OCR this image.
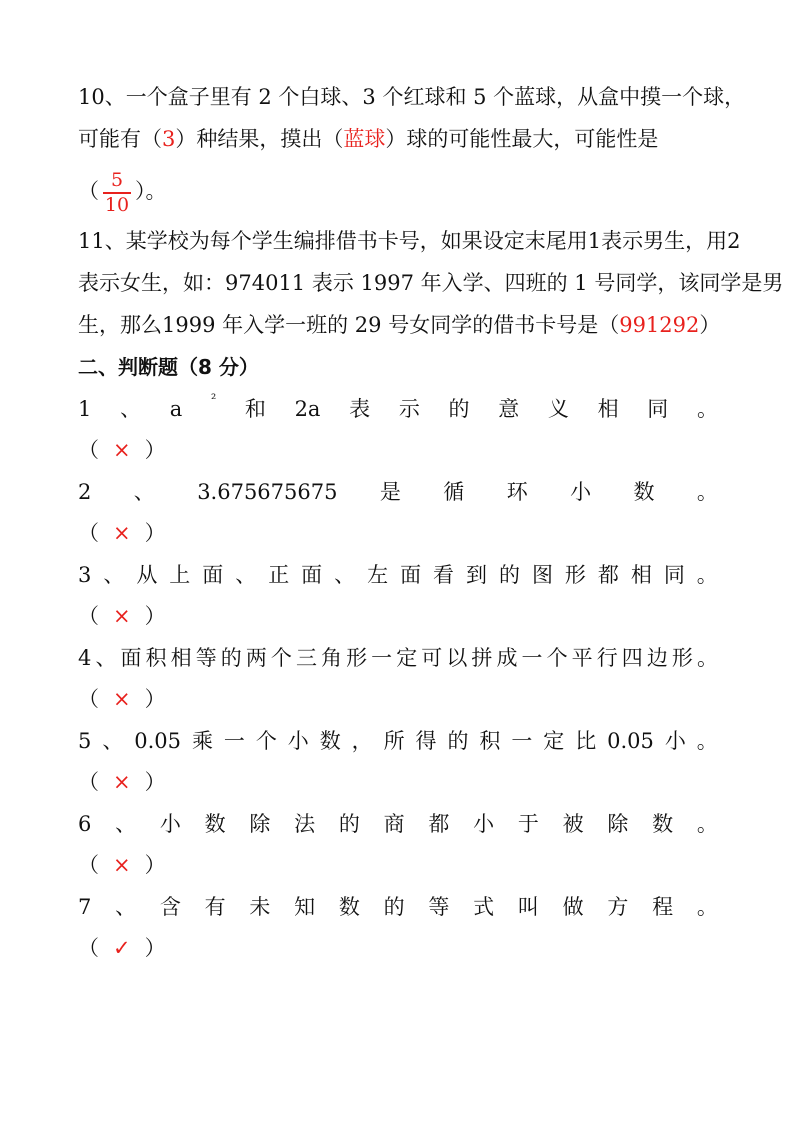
10、一个盒子里有 2 个白球、3 个红球和 5 个蓝球，从盒中摸一个球，
可能有（3）种结果，摸出（蓝球）球的可能性最大，可能性是
（ $\frac{5}{10}$ ）。
11、某学校为每个学生编排借书卡号，如果设定末尾用1表示男生，用2
表示女生，如：974011 表示 1997 年入学、四班的 1 号同学，该同学是男
生，那么1999 年入学一班的 29 号女同学的借书卡号是（991292）
二、判断题（8 分）
1 、 a ² 和 2a 表 示 的 意 义 相 同 。
（ × ）
2 、 3.675675675 是 循 环 小 数 。
（ × ）
3 、 从 上 面 、 正 面 、 左 面 看 到 的 图 形 都 相 同 。
（ × ）
4 、 面 积 相 等 的 两 个 三 角 形 一 定 可 以 拼 成 一 个 平 行 四 边 形 。
（ × ）
5 、 0.05 乘 一 个 小 数 ， 所 得 的 积 一 定 比 0.05 小 。
（ × ）
6 、 小 数 除 法 的 商 都 小 于 被 除 数 。
（ × ）
7 、 含 有 未 知 数 的 等 式 叫 做 方 程 。
（ ✓ ）
